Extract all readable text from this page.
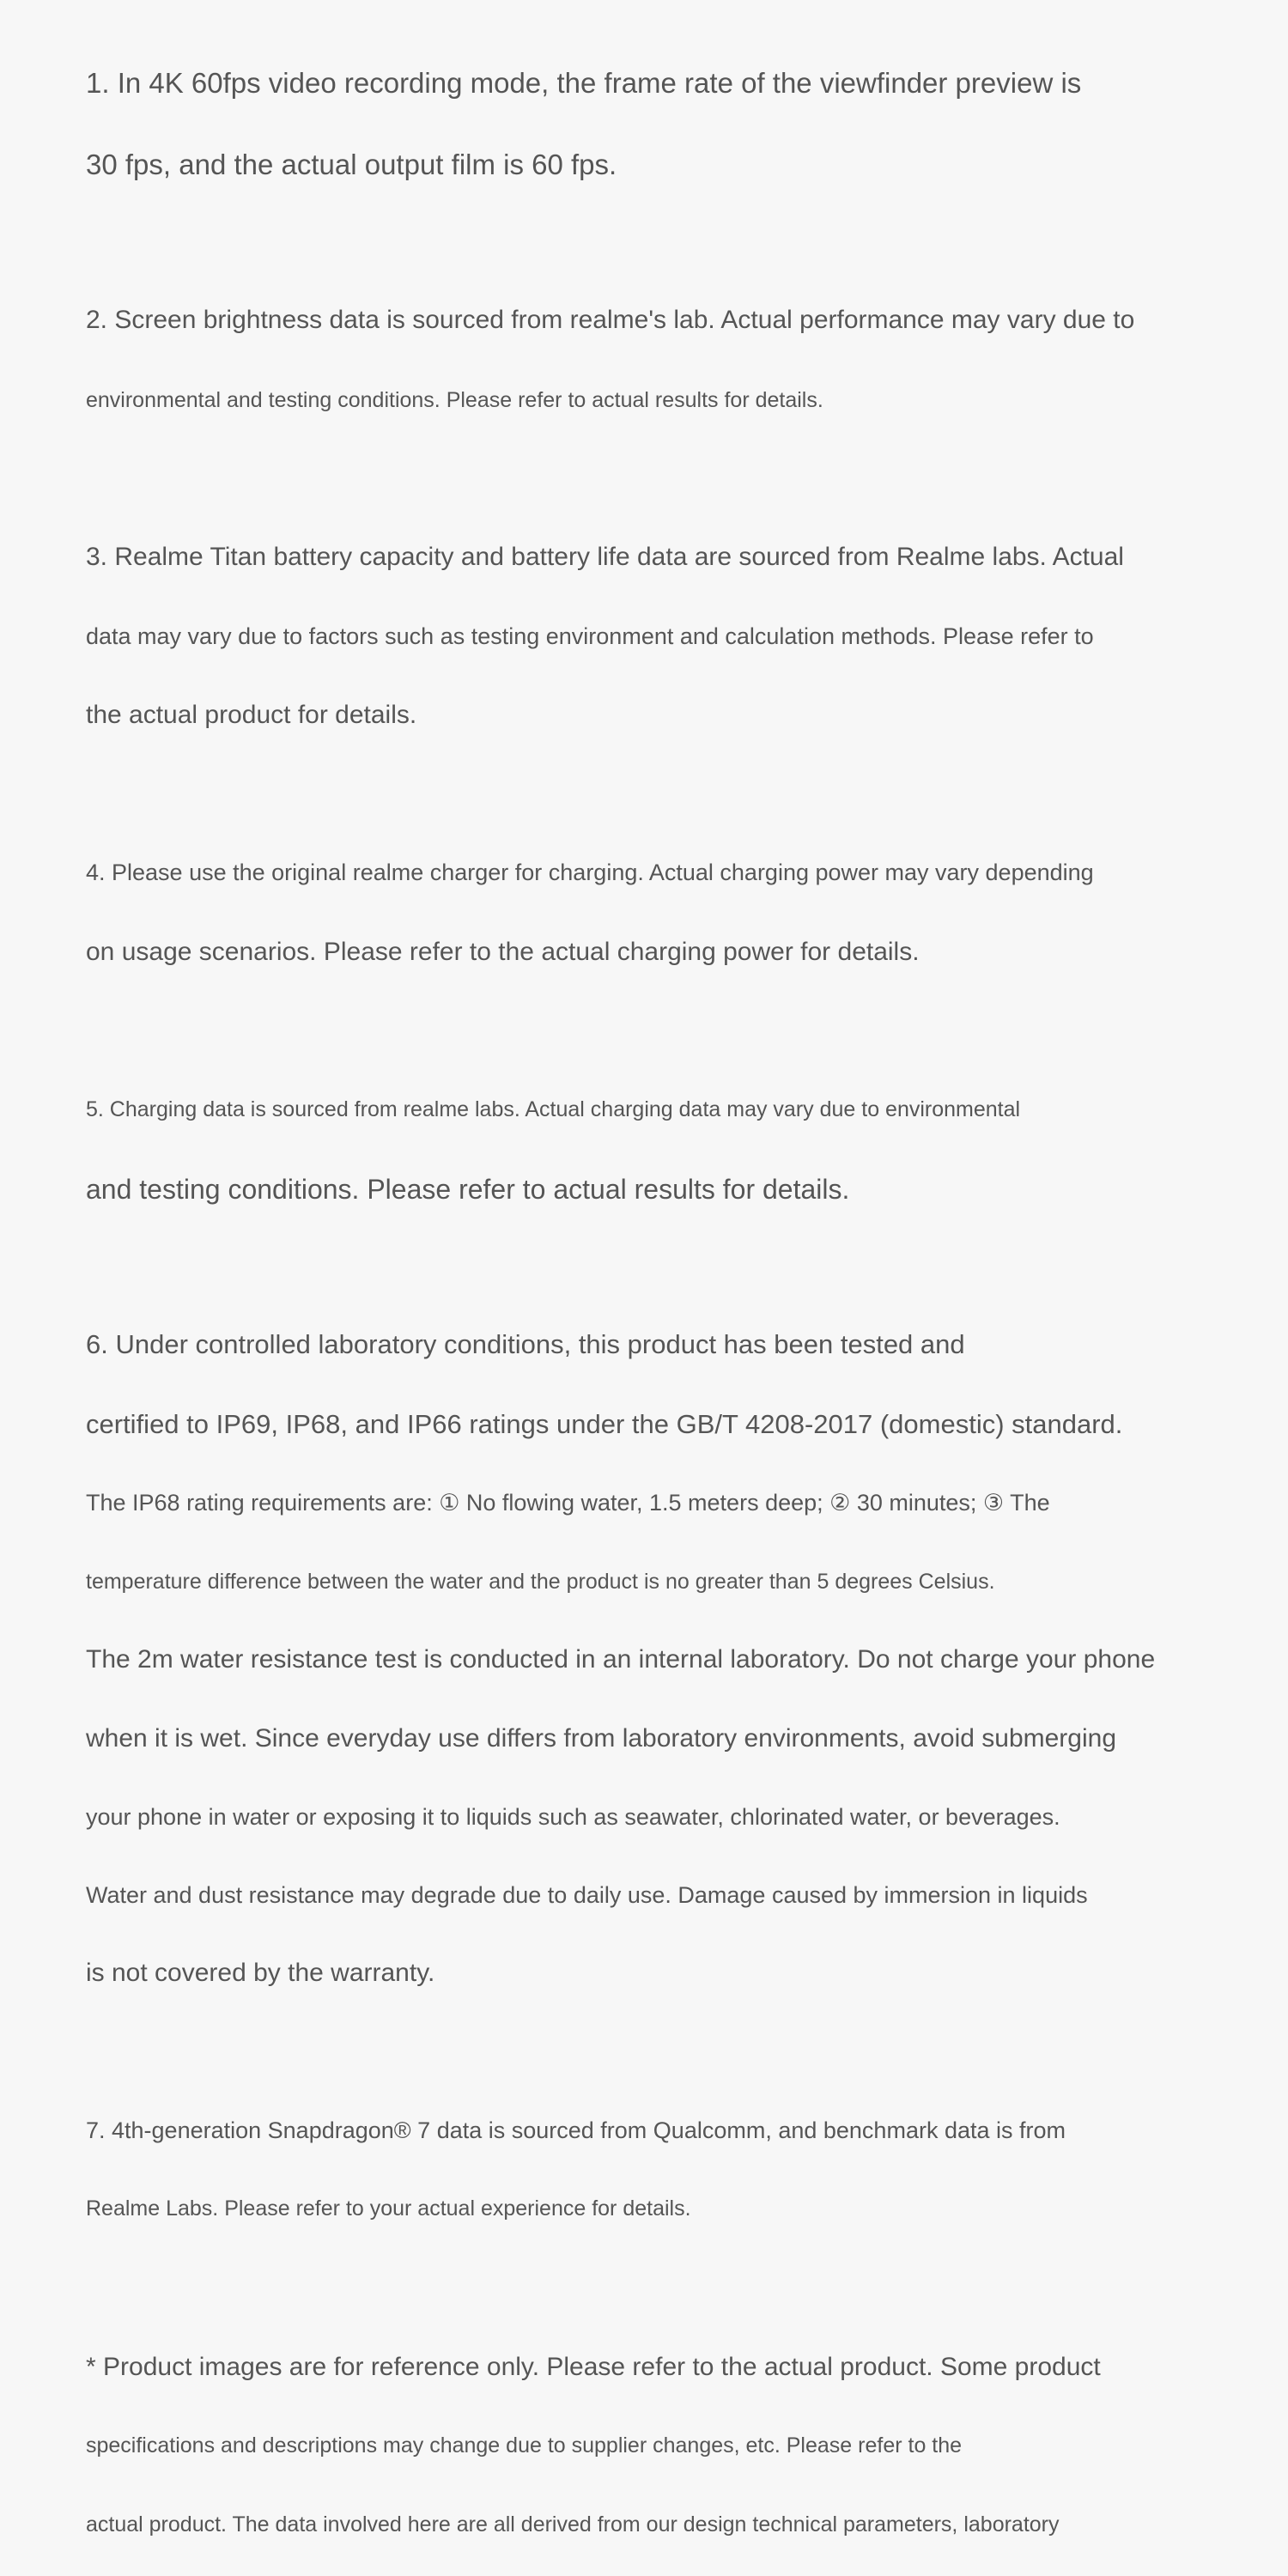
1. In 4K 60fps video recording mode, the frame rate of the viewfinder preview is
30 fps, and the actual output film is 60 fps.
2. Screen brightness data is sourced from realme's lab. Actual performance may vary due to
environmental and testing conditions. Please refer to actual results for details.
3. Realme Titan battery capacity and battery life data are sourced from Realme labs. Actual
data may vary due to factors such as testing environment and calculation methods. Please refer to
the actual product for details.
4. Please use the original realme charger for charging. Actual charging power may vary depending
on usage scenarios. Please refer to the actual charging power for details.
5. Charging data is sourced from realme labs. Actual charging data may vary due to environmental
and testing conditions. Please refer to actual results for details.
6. Under controlled laboratory conditions, this product has been tested and
certified to IP69, IP68, and IP66 ratings under the GB/T 4208-2017 (domestic) standard.
The IP68 rating requirements are: ① No flowing water, 1.5 meters deep; ② 30 minutes; ③ The
temperature difference between the water and the product is no greater than 5 degrees Celsius.
The 2m water resistance test is conducted in an internal laboratory. Do not charge your phone
when it is wet. Since everyday use differs from laboratory environments, avoid submerging
your phone in water or exposing it to liquids such as seawater, chlorinated water, or beverages.
Water and dust resistance may degrade due to daily use. Damage caused by immersion in liquids
is not covered by the warranty.
7. 4th-generation Snapdragon® 7 data is sourced from Qualcomm, and benchmark data is from
Realme Labs. Please refer to your actual experience for details.
* Product images are for reference only. Please refer to the actual product. Some product
specifications and descriptions may change due to supplier changes, etc. Please refer to the
actual product. The data involved here are all derived from our design technical parameters, laboratory
